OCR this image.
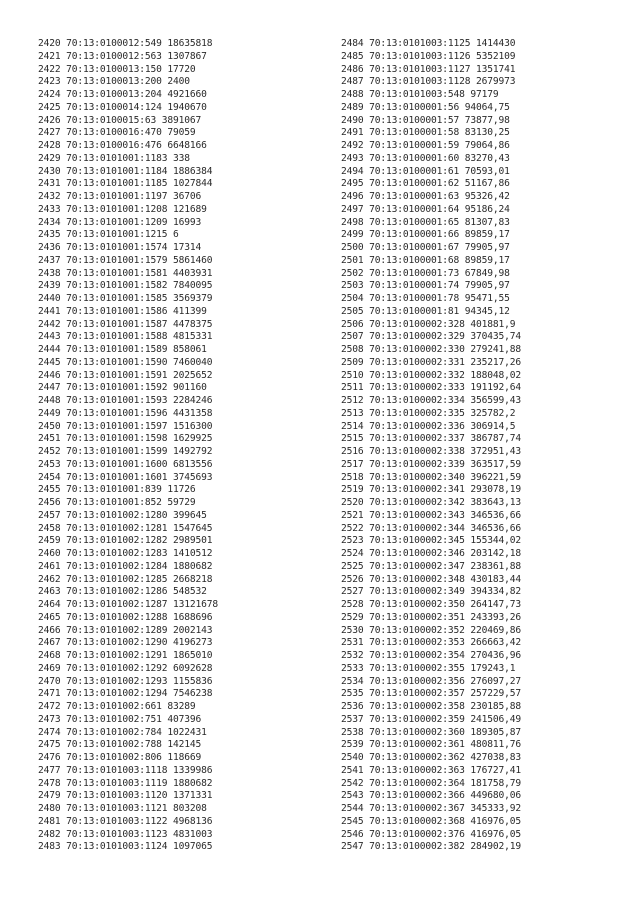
2420 70:13:0100012:549 18635818
2421 70:13:0100012:563 1307867
2422 70:13:0100013:150 17720
2423 70:13:0100013:200 2400
2424 70:13:0100013:204 4921660
2425 70:13:0100014:124 1940670
2426 70:13:0100015:63 3891067
2427 70:13:0100016:470 79059
2428 70:13:0100016:476 6648166
2429 70:13:0101001:1183 338
2430 70:13:0101001:1184 1886384
2431 70:13:0101001:1185 1027844
2432 70:13:0101001:1197 36706
2433 70:13:0101001:1208 121689
2434 70:13:0101001:1209 16993
2435 70:13:0101001:1215 6
2436 70:13:0101001:1574 17314
2437 70:13:0101001:1579 5861460
2438 70:13:0101001:1581 4403931
2439 70:13:0101001:1582 7840095
2440 70:13:0101001:1585 3569379
2441 70:13:0101001:1586 411399
2442 70:13:0101001:1587 4478375
2443 70:13:0101001:1588 4815331
2444 70:13:0101001:1589 858061
2445 70:13:0101001:1590 7460040
2446 70:13:0101001:1591 2025652
2447 70:13:0101001:1592 901160
2448 70:13:0101001:1593 2284246
2449 70:13:0101001:1596 4431358
2450 70:13:0101001:1597 1516300
2451 70:13:0101001:1598 1629925
2452 70:13:0101001:1599 1492792
2453 70:13:0101001:1600 6813556
2454 70:13:0101001:1601 3745693
2455 70:13:0101001:839 11726
2456 70:13:0101001:852 59729
2457 70:13:0101002:1280 399645
2458 70:13:0101002:1281 1547645
2459 70:13:0101002:1282 2989501
2460 70:13:0101002:1283 1410512
2461 70:13:0101002:1284 1880682
2462 70:13:0101002:1285 2668218
2463 70:13:0101002:1286 548532
2464 70:13:0101002:1287 13121678
2465 70:13:0101002:1288 1688696
2466 70:13:0101002:1289 2002143
2467 70:13:0101002:1290 4196273
2468 70:13:0101002:1291 1865010
2469 70:13:0101002:1292 6092628
2470 70:13:0101002:1293 1155836
2471 70:13:0101002:1294 7546238
2472 70:13:0101002:661 83289
2473 70:13:0101002:751 407396
2474 70:13:0101002:784 1022431
2475 70:13:0101002:788 142145
2476 70:13:0101002:806 118669
2477 70:13:0101003:1118 1339986
2478 70:13:0101003:1119 1880682
2479 70:13:0101003:1120 1371331
2480 70:13:0101003:1121 803208
2481 70:13:0101003:1122 4968136
2482 70:13:0101003:1123 4831003
2483 70:13:0101003:1124 1097065
2484 70:13:0101003:1125 1414430
2485 70:13:0101003:1126 5352109
2486 70:13:0101003:1127 1351741
2487 70:13:0101003:1128 2679973
2488 70:13:0101003:548 97179
2489 70:13:0100001:56 94064,75
2490 70:13:0100001:57 73877,98
2491 70:13:0100001:58 83130,25
2492 70:13:0100001:59 79064,86
2493 70:13:0100001:60 83270,43
2494 70:13:0100001:61 70593,01
2495 70:13:0100001:62 51167,86
2496 70:13:0100001:63 95326,42
2497 70:13:0100001:64 95186,24
2498 70:13:0100001:65 81307,83
2499 70:13:0100001:66 89859,17
2500 70:13:0100001:67 79905,97
2501 70:13:0100001:68 89859,17
2502 70:13:0100001:73 67849,98
2503 70:13:0100001:74 79905,97
2504 70:13:0100001:78 95471,55
2505 70:13:0100001:81 94345,12
2506 70:13:0100002:328 401881,9
2507 70:13:0100002:329 370435,74
2508 70:13:0100002:330 279241,88
2509 70:13:0100002:331 235217,26
2510 70:13:0100002:332 188048,02
2511 70:13:0100002:333 191192,64
2512 70:13:0100002:334 356599,43
2513 70:13:0100002:335 325782,2
2514 70:13:0100002:336 306914,5
2515 70:13:0100002:337 386787,74
2516 70:13:0100002:338 372951,43
2517 70:13:0100002:339 363517,59
2518 70:13:0100002:340 396221,59
2519 70:13:0100002:341 293078,19
2520 70:13:0100002:342 383643,13
2521 70:13:0100002:343 346536,66
2522 70:13:0100002:344 346536,66
2523 70:13:0100002:345 155344,02
2524 70:13:0100002:346 203142,18
2525 70:13:0100002:347 238361,88
2526 70:13:0100002:348 430183,44
2527 70:13:0100002:349 394334,82
2528 70:13:0100002:350 264147,73
2529 70:13:0100002:351 243393,26
2530 70:13:0100002:352 220469,86
2531 70:13:0100002:353 266663,42
2532 70:13:0100002:354 270436,96
2533 70:13:0100002:355 179243,1
2534 70:13:0100002:356 276097,27
2535 70:13:0100002:357 257229,57
2536 70:13:0100002:358 230185,88
2537 70:13:0100002:359 241506,49
2538 70:13:0100002:360 189305,87
2539 70:13:0100002:361 480811,76
2540 70:13:0100002:362 427038,83
2541 70:13:0100002:363 176727,41
2542 70:13:0100002:364 181758,79
2543 70:13:0100002:366 449680,06
2544 70:13:0100002:367 345333,92
2545 70:13:0100002:368 416976,05
2546 70:13:0100002:376 416976,05
2547 70:13:0100002:382 284902,19
